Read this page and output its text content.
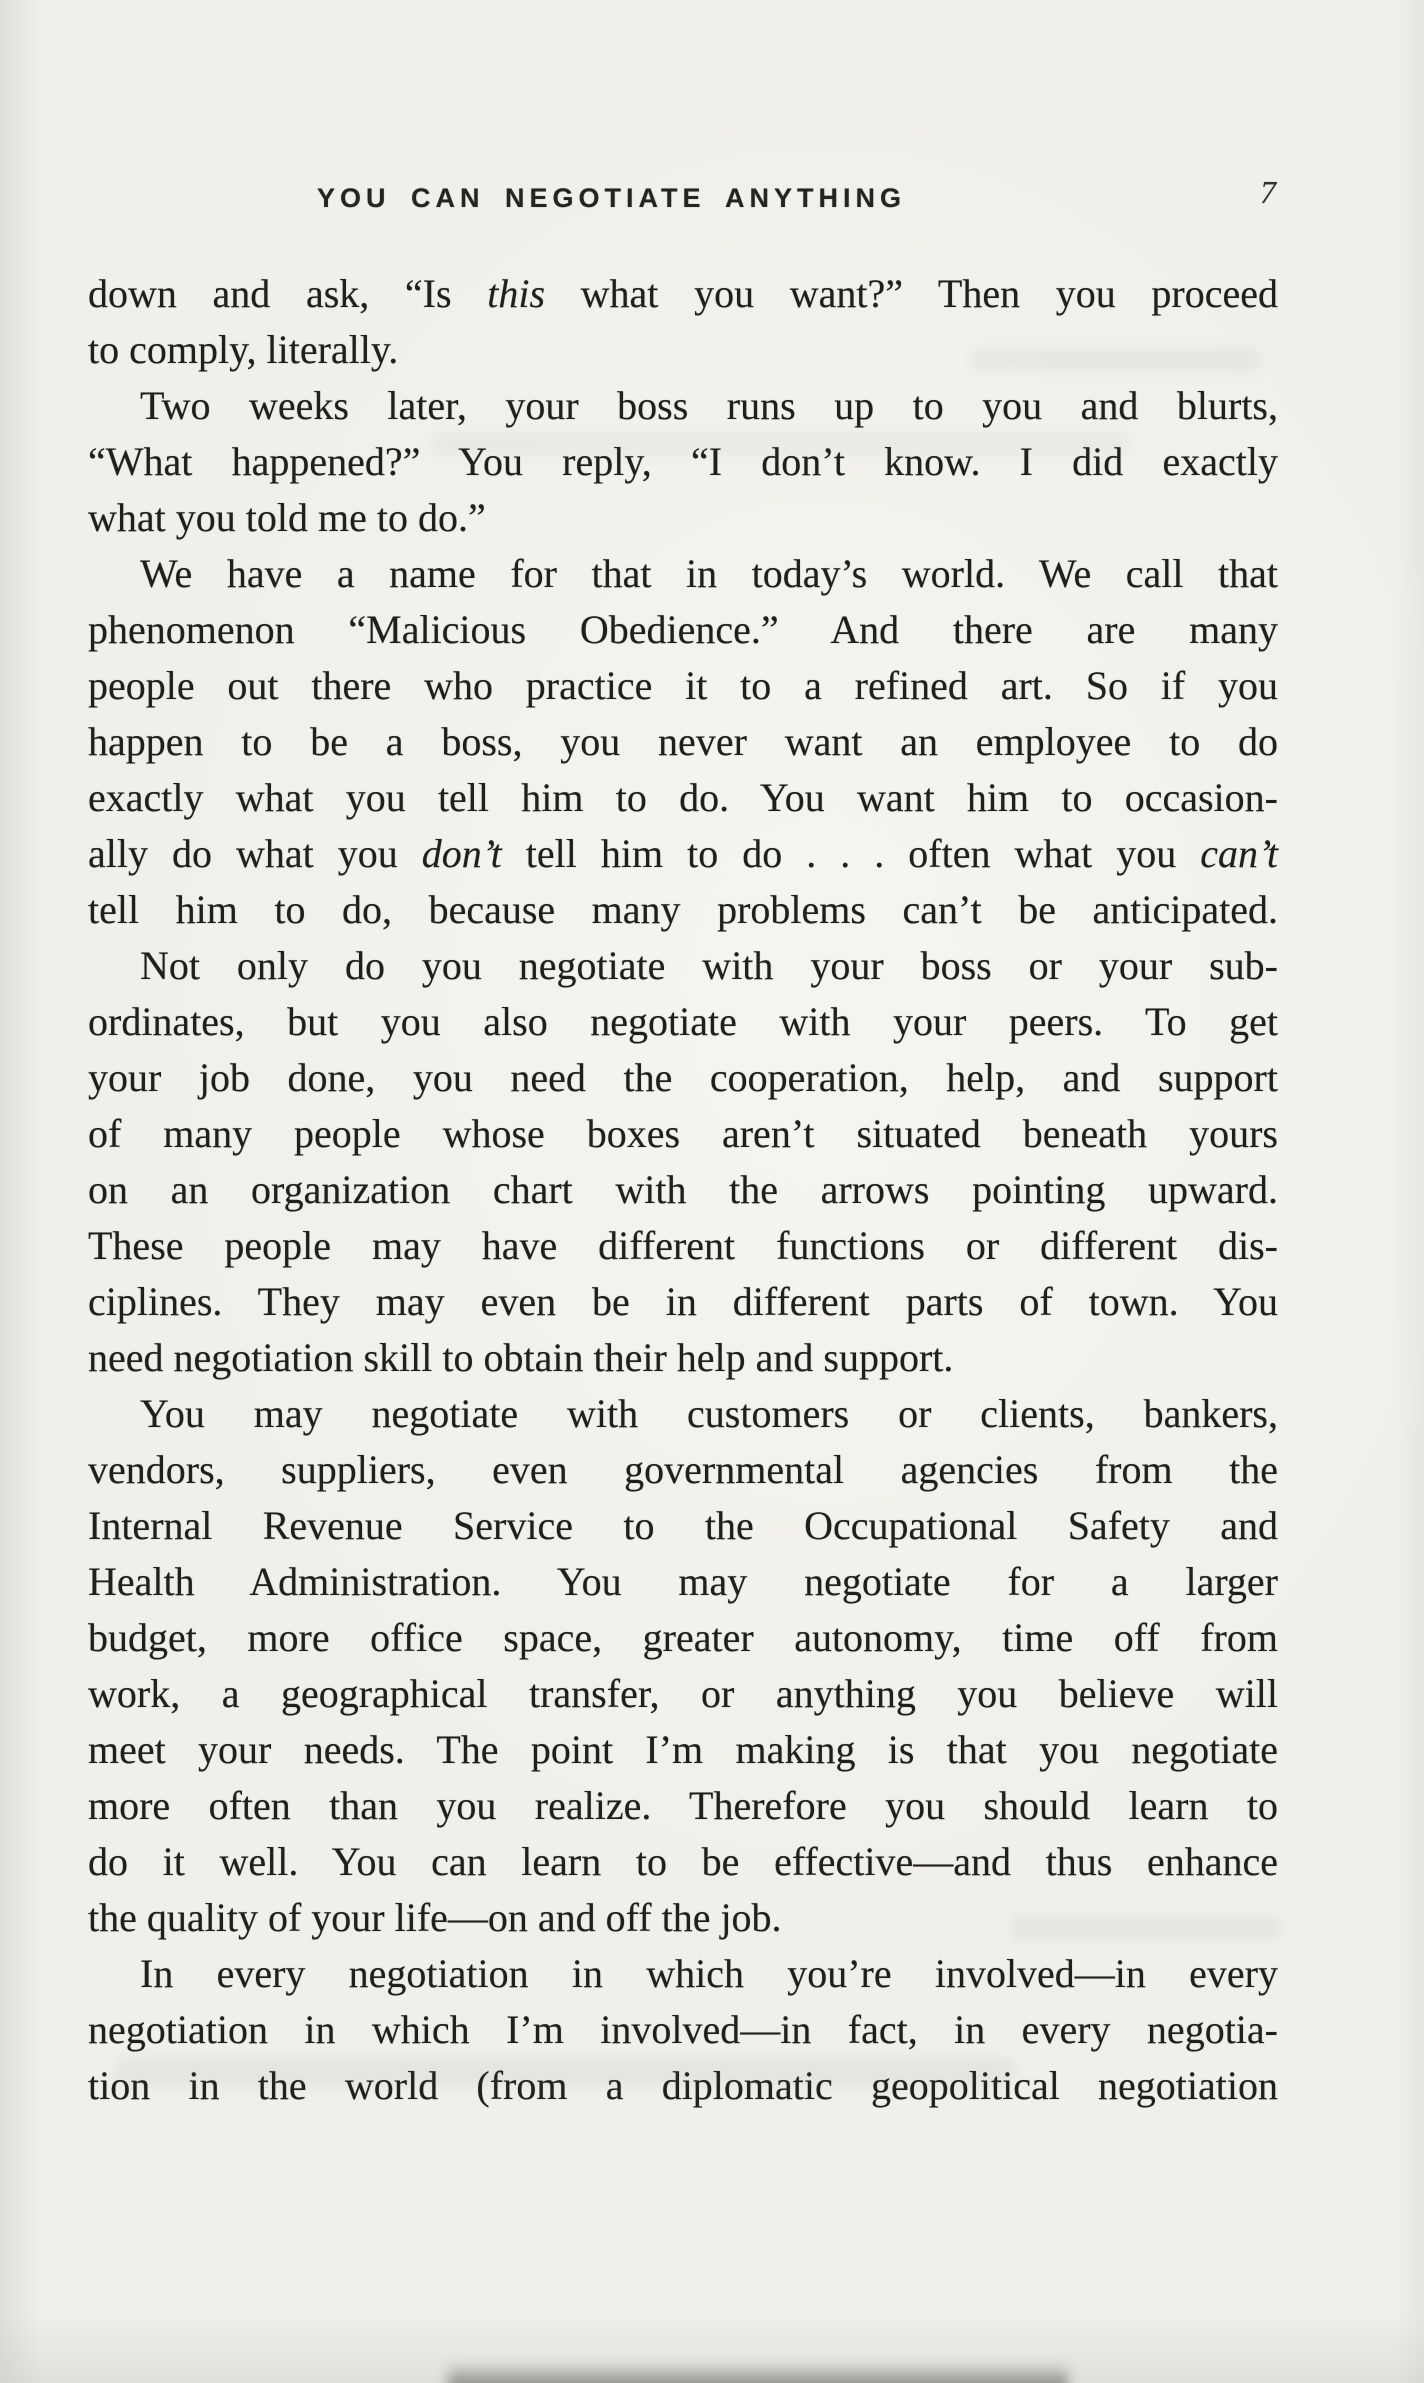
YOU CAN NEGOTIATE ANYTHING	7
down and ask, “Is this what you want?” Then you proceed
to comply, literally.
Two weeks later, your boss runs up to you and blurts,
“What happened?” You reply, “I don’t know. I did exactly
what you told me to do.”
We have a name for that in today’s world. We call that
phenomenon “Malicious Obedience.” And there are many
people out there who practice it to a refined art. So if you
happen to be a boss, you never want an employee to do
exactly what you tell him to do. You want him to occasion-
ally do what you don’t tell him to do . . . often what you can’t
tell him to do, because many problems can’t be anticipated.
Not only do you negotiate with your boss or your sub-
ordinates, but you also negotiate with your peers. To get
your job done, you need the cooperation, help, and support
of many people whose boxes aren’t situated beneath yours
on an organization chart with the arrows pointing upward.
These people may have different functions or different dis-
ciplines. They may even be in different parts of town. You
need negotiation skill to obtain their help and support.
You may negotiate with customers or clients, bankers,
vendors, suppliers, even governmental agencies from the
Internal Revenue Service to the Occupational Safety and
Health Administration. You may negotiate for a larger
budget, more office space, greater autonomy, time off from
work, a geographical transfer, or anything you believe will
meet your needs. The point I’m making is that you negotiate
more often than you realize. Therefore you should learn to
do it well. You can learn to be effective—and thus enhance
the quality of your life—on and off the job.
In every negotiation in which you’re involved—in every
negotiation in which I’m involved—in fact, in every negotia-
tion in the world (from a diplomatic geopolitical negotiation
